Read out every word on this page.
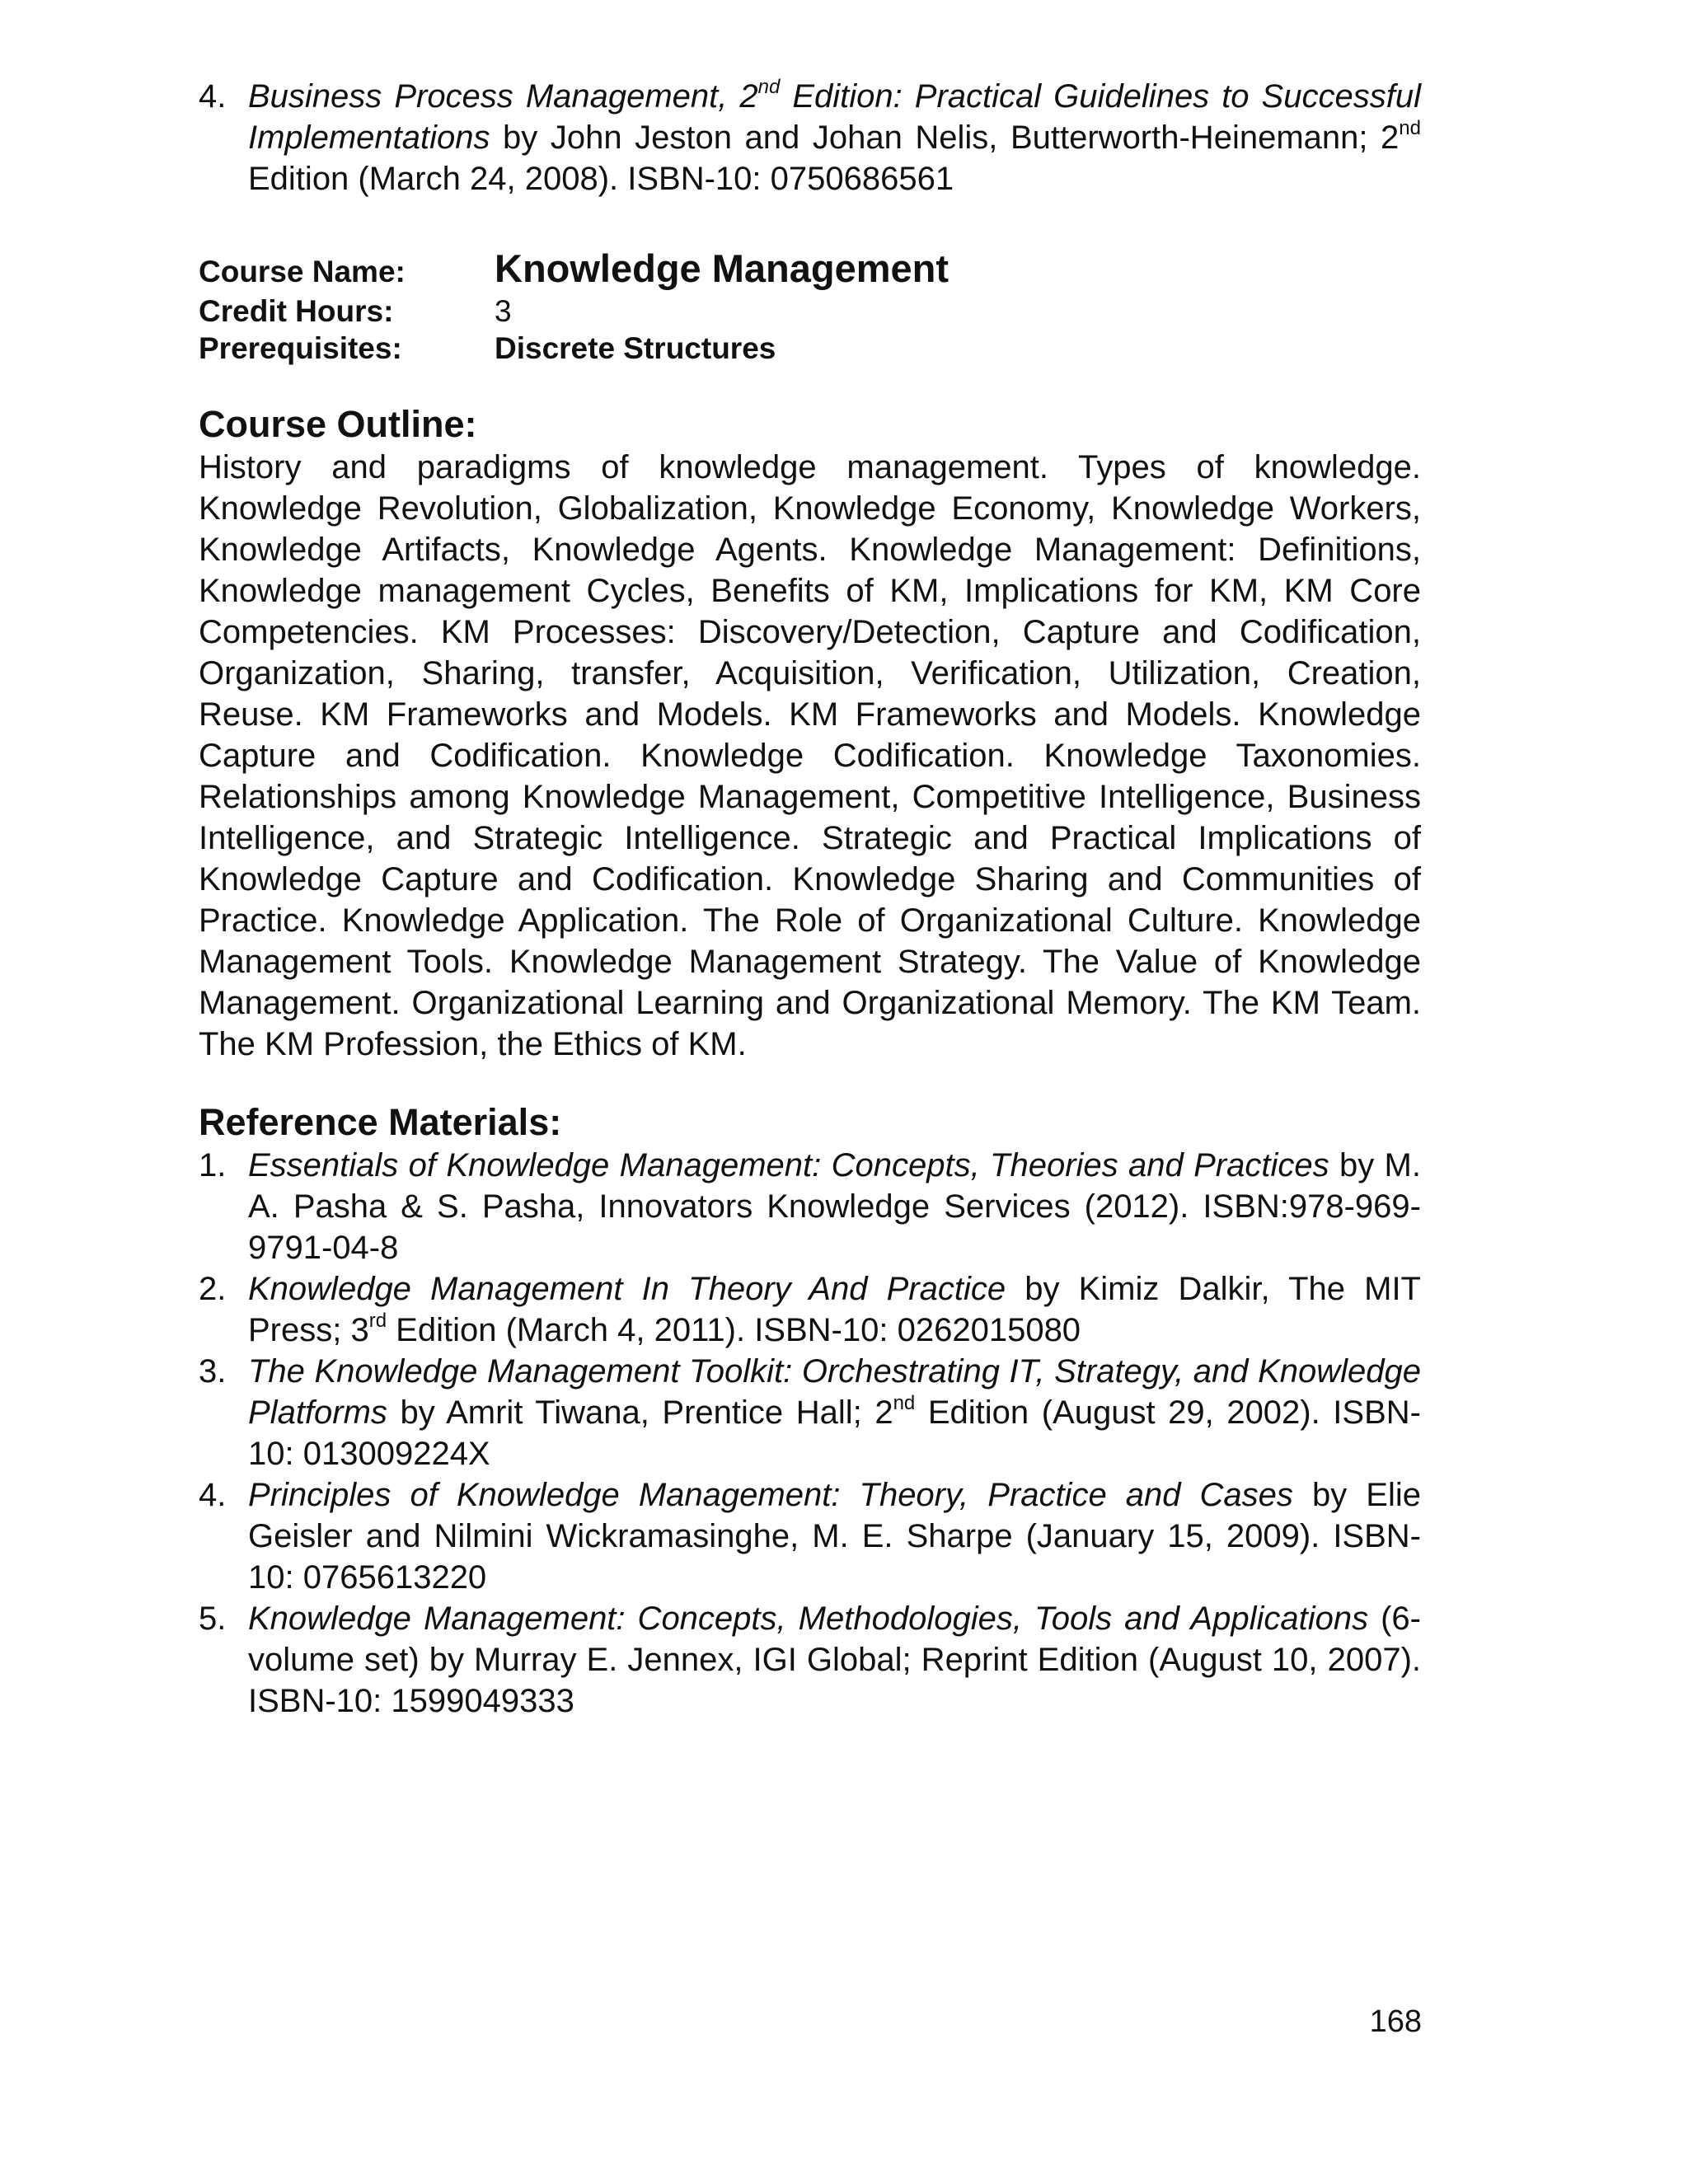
4. Business Process Management, 2nd Edition: Practical Guidelines to Successful Implementations by John Jeston and Johan Nelis, Butterworth-Heinemann; 2nd Edition (March 24, 2008). ISBN-10: 0750686561
Course Name:	Knowledge Management
Credit Hours:	3
Prerequisites:	Discrete Structures
Course Outline:
History and paradigms of knowledge management. Types of knowledge. Knowledge Revolution, Globalization, Knowledge Economy, Knowledge Workers, Knowledge Artifacts, Knowledge Agents. Knowledge Management: Definitions, Knowledge management Cycles, Benefits of KM, Implications for KM, KM Core Competencies. KM Processes: Discovery/Detection, Capture and Codification, Organization, Sharing, transfer, Acquisition, Verification, Utilization, Creation, Reuse. KM Frameworks and Models. KM Frameworks and Models. Knowledge Capture and Codification. Knowledge Codification. Knowledge Taxonomies. Relationships among Knowledge Management, Competitive Intelligence, Business Intelligence, and Strategic Intelligence. Strategic and Practical Implications of Knowledge Capture and Codification. Knowledge Sharing and Communities of Practice. Knowledge Application. The Role of Organizational Culture. Knowledge Management Tools. Knowledge Management Strategy. The Value of Knowledge Management. Organizational Learning and Organizational Memory. The KM Team. The KM Profession, the Ethics of KM.
Reference Materials:
1. Essentials of Knowledge Management: Concepts, Theories and Practices by M. A. Pasha & S. Pasha, Innovators Knowledge Services (2012). ISBN:978-969-9791-04-8
2. Knowledge Management In Theory And Practice by Kimiz Dalkir, The MIT Press; 3rd Edition (March 4, 2011). ISBN-10: 0262015080
3. The Knowledge Management Toolkit: Orchestrating IT, Strategy, and Knowledge Platforms by Amrit Tiwana, Prentice Hall; 2nd Edition (August 29, 2002). ISBN-10: 013009224X
4. Principles of Knowledge Management: Theory, Practice and Cases by Elie Geisler and Nilmini Wickramasinghe, M. E. Sharpe (January 15, 2009). ISBN-10: 0765613220
5. Knowledge Management: Concepts, Methodologies, Tools and Applications (6-volume set) by Murray E. Jennex, IGI Global; Reprint Edition (August 10, 2007). ISBN-10: 1599049333
168
